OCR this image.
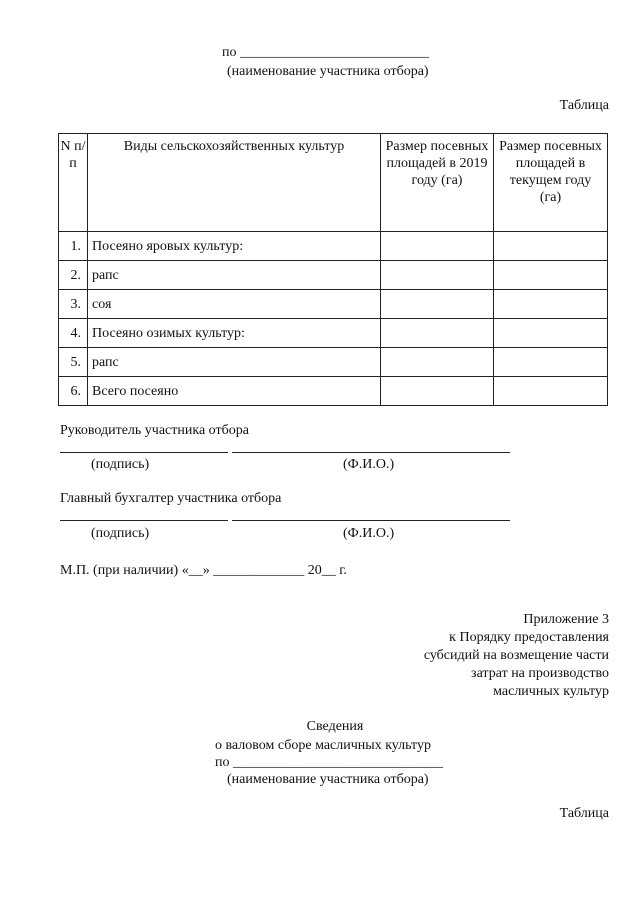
по ___________________________
(наименование участника отбора)
Таблица
N п/п	Виды сельскохозяйственных культур	Размер посевных площадей в 2019 году (га)	Размер посевных площадей в текущем году (га)
1.	Посеяно яровых культур:		
2.	рапс		
3.	соя		
4.	Посеяно озимых культур:		
5.	рапс		
6.	Всего посеяно		
Руководитель участника отбора
(подпись)	(Ф.И.О.)
Главный бухгалтер участника отбора
(подпись)	(Ф.И.О.)
М.П. (при наличии) «__» _____________ 20__ г.
Приложение 3
к Порядку предоставления
субсидий на возмещение части
затрат на производство
масличных культур
Сведения
о валовом сборе масличных культур
по ______________________________
(наименование участника отбора)
Таблица
